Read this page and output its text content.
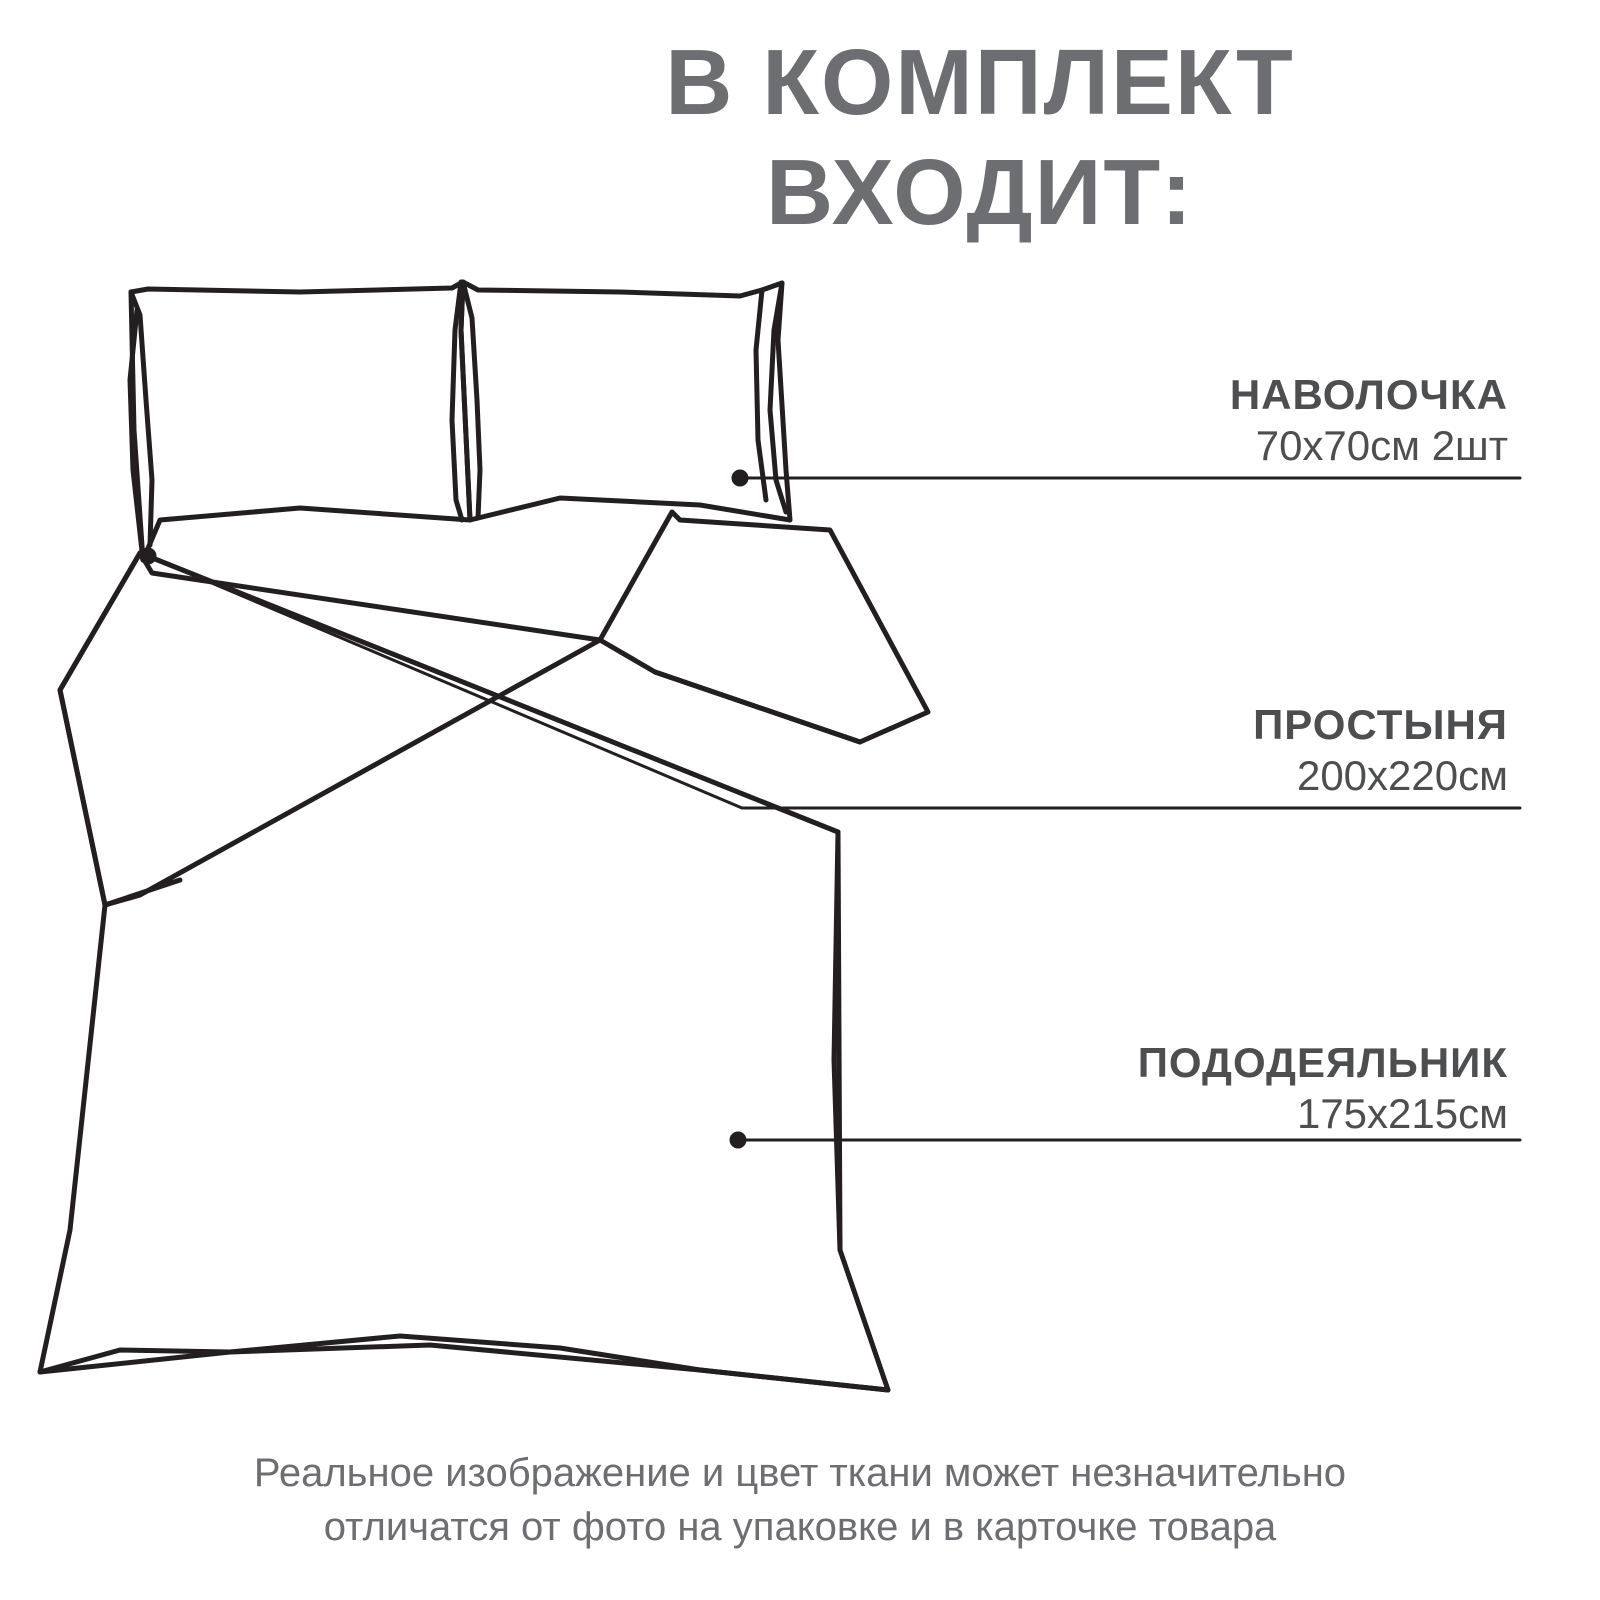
В КОМПЛЕКТ
ВХОДИТ:
НАВОЛОЧКА
70х70см 2шт
ПРОСТЫНЯ
200х220см
ПОДОДЕЯЛЬНИК
175х215см
Реальное изображение и цвет ткани может незначительно
отличатся от фото на упаковке и в карточке товара
